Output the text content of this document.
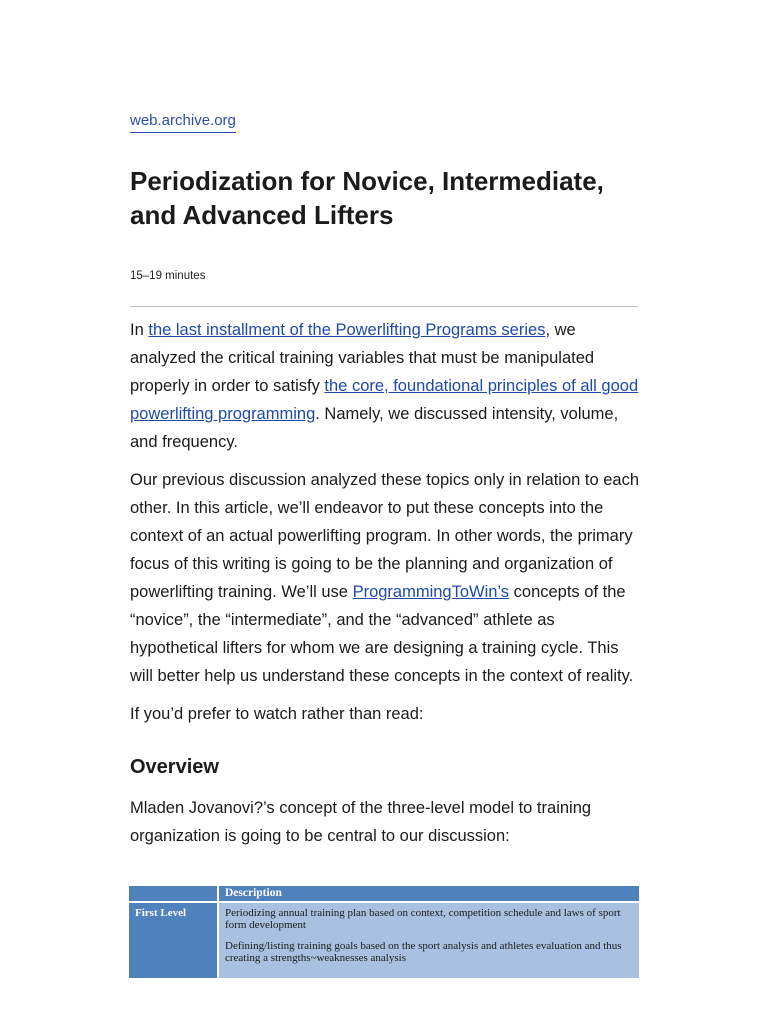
web.archive.org
Periodization for Novice, Intermediate, and Advanced Lifters
15–19 minutes

In the last installment of the Powerlifting Programs series, we analyzed the critical training variables that must be manipulated properly in order to satisfy the core, foundational principles of all good powerlifting programming. Namely, we discussed intensity, volume, and frequency.

Our previous discussion analyzed these topics only in relation to each other. In this article, we’ll endeavor to put these concepts into the context of an actual powerlifting program. In other words, the primary focus of this writing is going to be the planning and organization of powerlifting training. We’ll use ProgrammingToWin’s concepts of the “novice”, the “intermediate”, and the “advanced” athlete as hypothetical lifters for whom we are designing a training cycle. This will better help us understand these concepts in the context of reality.

If you’d prefer to watch rather than read:

Overview

Mladen Jovanovi?’s concept of the three-level model to training organization is going to be central to our discussion:

	Description
First Level	Periodizing annual training plan based on context, competition schedule and laws of sport form development
Defining/listing training goals based on the sport analysis and athletes evaluation and thus creating a strengths~weaknesses analysis
